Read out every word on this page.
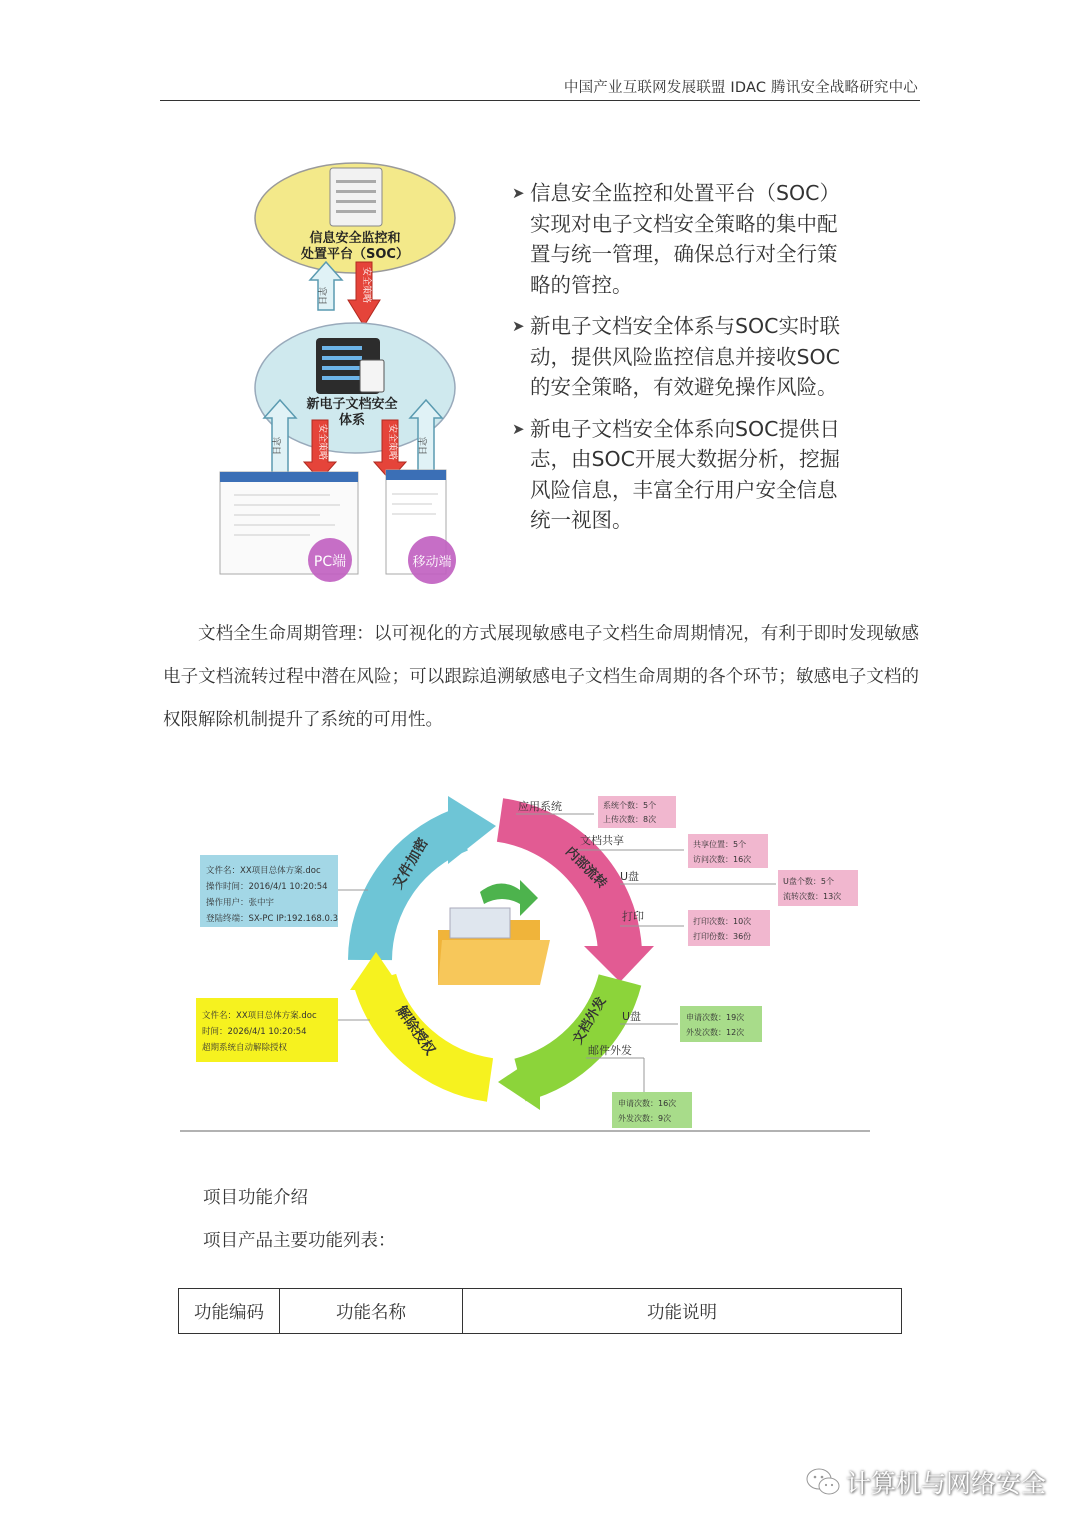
中国产业互联网发展联盟 IDAC 腾讯安全战略研究中心
信息安全监控和
处置平台（SOC）
日志	安全策略
新电子文档安全
体系
日志	安全策略	安全策略 日志
PC端	移动端
➤ 信息安全监控和处置平台（SOC）实现对电子文档安全策略的集中配置与统一管理，确保总行对全行策略的管控。
➤ 新电子文档安全体系与SOC实时联动，提供风险监控信息并接收SOC的安全策略，有效避免操作风险。
➤ 新电子文档安全体系向SOC提供日志，由SOC开展大数据分析，挖掘风险信息，丰富全行用户安全信息统一视图。
文档全生命周期管理：以可视化的方式展现敏感电子文档生命周期情况，有利于即时发现敏感电子文档流转过程中潜在风险；可以跟踪追溯敏感电子文档生命周期的各个环节；敏感电子文档的权限解除机制提升了系统的可用性。
文件加密	内部流转
文档外发
解除授权
文件名：XX项目总体方案.doc
操作时间：2016/4/1 10:20:54
操作用户：张中宇
登陆终端：SX-PC IP:192.168.0.3
文件名：XX项目总体方案.doc
时间：2026/4/1 10:20:54
超期系统自动解除授权
应用系统	系统个数：5个
上传次数：8次
文档共享	共享位置：5个
访问次数：16次
U盘	U盘个数：5个
流转次数：13次
打印	打印次数：10次
打印份数：36份
U盘	申请次数：19次
外发次数：12次
邮件外发
申请次数：16次
外发次数：9次
项目功能介绍
项目产品主要功能列表：
功能编码	功能名称	功能说明
计算机与网络安全
